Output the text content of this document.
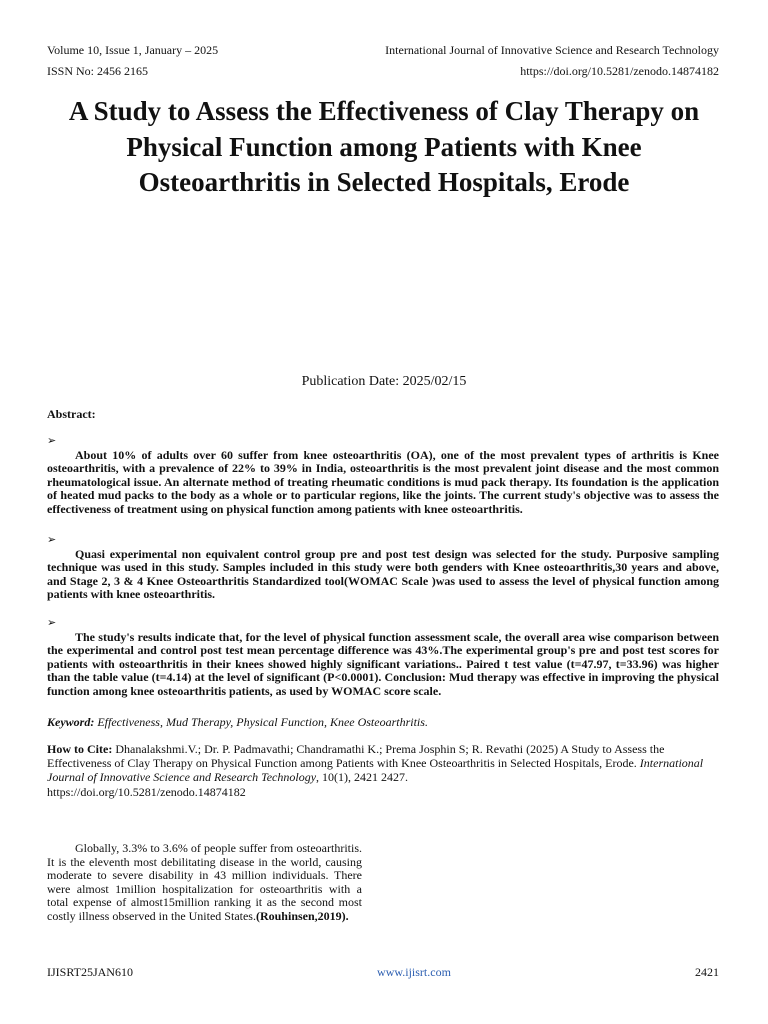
Volume 10, Issue 1, January – 2025	International Journal of Innovative Science and Research Technology
ISSN No: 2456 2165	https://doi.org/10.5281/zenodo.14874182
A Study to Assess the Effectiveness of Clay Therapy on Physical Function among Patients with Knee Osteoarthritis in Selected Hospitals, Erode
Publication Date: 2025/02/15
Abstract:
➢
About 10% of adults over 60 suffer from knee osteoarthritis (OA), one of the most prevalent types of arthritis is Knee osteoarthritis, with a prevalence of 22% to 39% in India, osteoarthritis is the most prevalent joint disease and the most common rheumatological issue. An alternate method of treating rheumatic conditions is mud pack therapy. Its foundation is the application of heated mud packs to the body as a whole or to particular regions, like the joints. The current study's objective was to assess the effectiveness of treatment using on physical function among patients with knee osteoarthritis.
➢
Quasi experimental non equivalent control group pre and post test design was selected for the study. Purposive sampling technique was used in this study. Samples included in this study were both genders with Knee osteoarthritis,30 years and above, and Stage 2, 3 & 4 Knee Osteoarthritis Standardized tool(WOMAC Scale )was used to assess the level of physical function among patients with knee osteoarthritis.
➢
The study's results indicate that, for the level of physical function assessment scale, the overall area wise comparison between the experimental and control post test mean percentage difference was 43%.The experimental group's pre and post test scores for patients with osteoarthritis in their knees showed highly significant variations.. Paired t test value (t=47.97, t=33.96) was higher than the table value (t=4.14) at the level of significant (P<0.0001). Conclusion: Mud therapy was effective in improving the physical function among knee osteoarthritis patients, as used by WOMAC score scale.
Keyword: Effectiveness, Mud Therapy, Physical Function, Knee Osteoarthritis.
How to Cite: Dhanalakshmi.V.; Dr. P. Padmavathi; Chandramathi K.; Prema Josphin S; R. Revathi (2025) A Study to Assess the Effectiveness of Clay Therapy on Physical Function among Patients with Knee Osteoarthritis in Selected Hospitals, Erode. International Journal of Innovative Science and Research Technology, 10(1), 2421 2427.
https://doi.org/10.5281/zenodo.14874182
Globally, 3.3% to 3.6% of people suffer from osteoarthritis. It is the eleventh most debilitating disease in the world, causing moderate to severe disability in 43 million individuals. There were almost 1million hospitalization for osteoarthritis with a total expense of almost15million ranking it as the second most costly illness observed in the United States.(Rouhinsen,2019).
IJISRT25JAN610	www.ijisrt.com	2421
